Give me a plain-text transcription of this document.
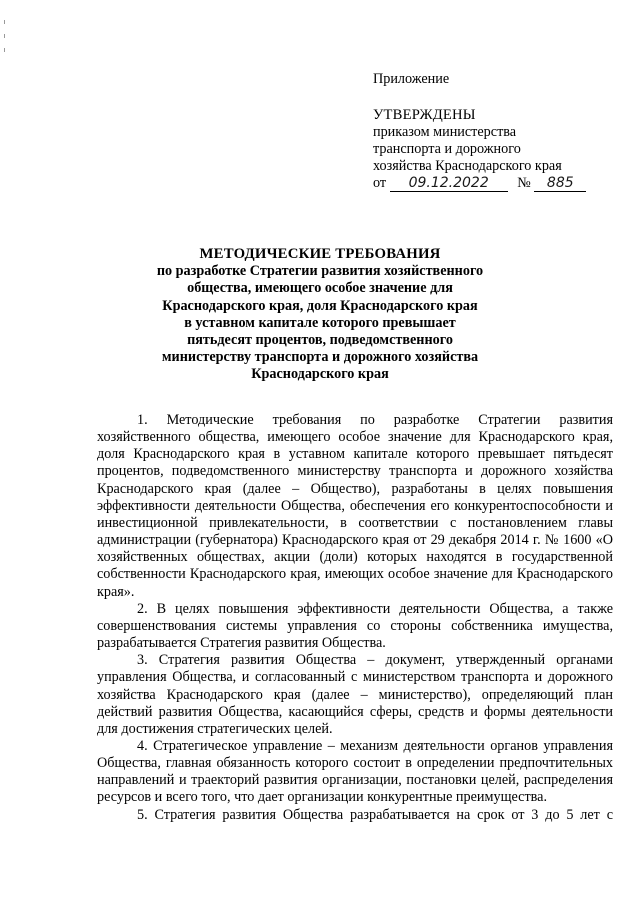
Приложение
УТВЕРЖДЕНЫ
приказом министерства
транспорта и дорожного
хозяйства Краснодарского края
от 09.12.2022 № 885
МЕТОДИЧЕСКИЕ ТРЕБОВАНИЯ
по разработке Стратегии развития хозяйственного
общества, имеющего особое значение для
Краснодарского края, доля Краснодарского края
в уставном капитале которого превышает
пятьдесят процентов, подведомственного
министерству транспорта и дорожного хозяйства
Краснодарского края

1. Методические требования по разработке Стратегии развития хозяйственного общества, имеющего особое значение для Краснодарского края, доля Краснодарского края в уставном капитале которого превышает пятьдесят процентов, подведомственного министерству транспорта и дорожного хозяйства Краснодарского края (далее – Общество), разработаны в целях повышения эффективности деятельности Общества, обеспечения его конкурентоспособности и инвестиционной привлекательности, в соответствии с постановлением главы администрации (губернатора) Краснодарского края от 29 декабря 2014 г. № 1600 «О хозяйственных обществах, акции (доли) которых находятся в государственной собственности Краснодарского края, имеющих особое значение для Краснодарского края».

2. В целях повышения эффективности деятельности Общества, а также совершенствования системы управления со стороны собственника имущества, разрабатывается Стратегия развития Общества.

3. Стратегия развития Общества – документ, утвержденный органами управления Общества, и согласованный с министерством транспорта и дорожного хозяйства Краснодарского края (далее – министерство), определяющий план действий развития Общества, касающийся сферы, средств и формы деятельности для достижения стратегических целей.

4. Стратегическое управление – механизм деятельности органов управления Общества, главная обязанность которого состоит в определении предпочтительных направлений и траекторий развития организации, постановки целей, распределения ресурсов и всего того, что дает организации конкурентные преимущества.

5. Стратегия развития Общества разрабатывается на срок от 3 до 5 лет с
